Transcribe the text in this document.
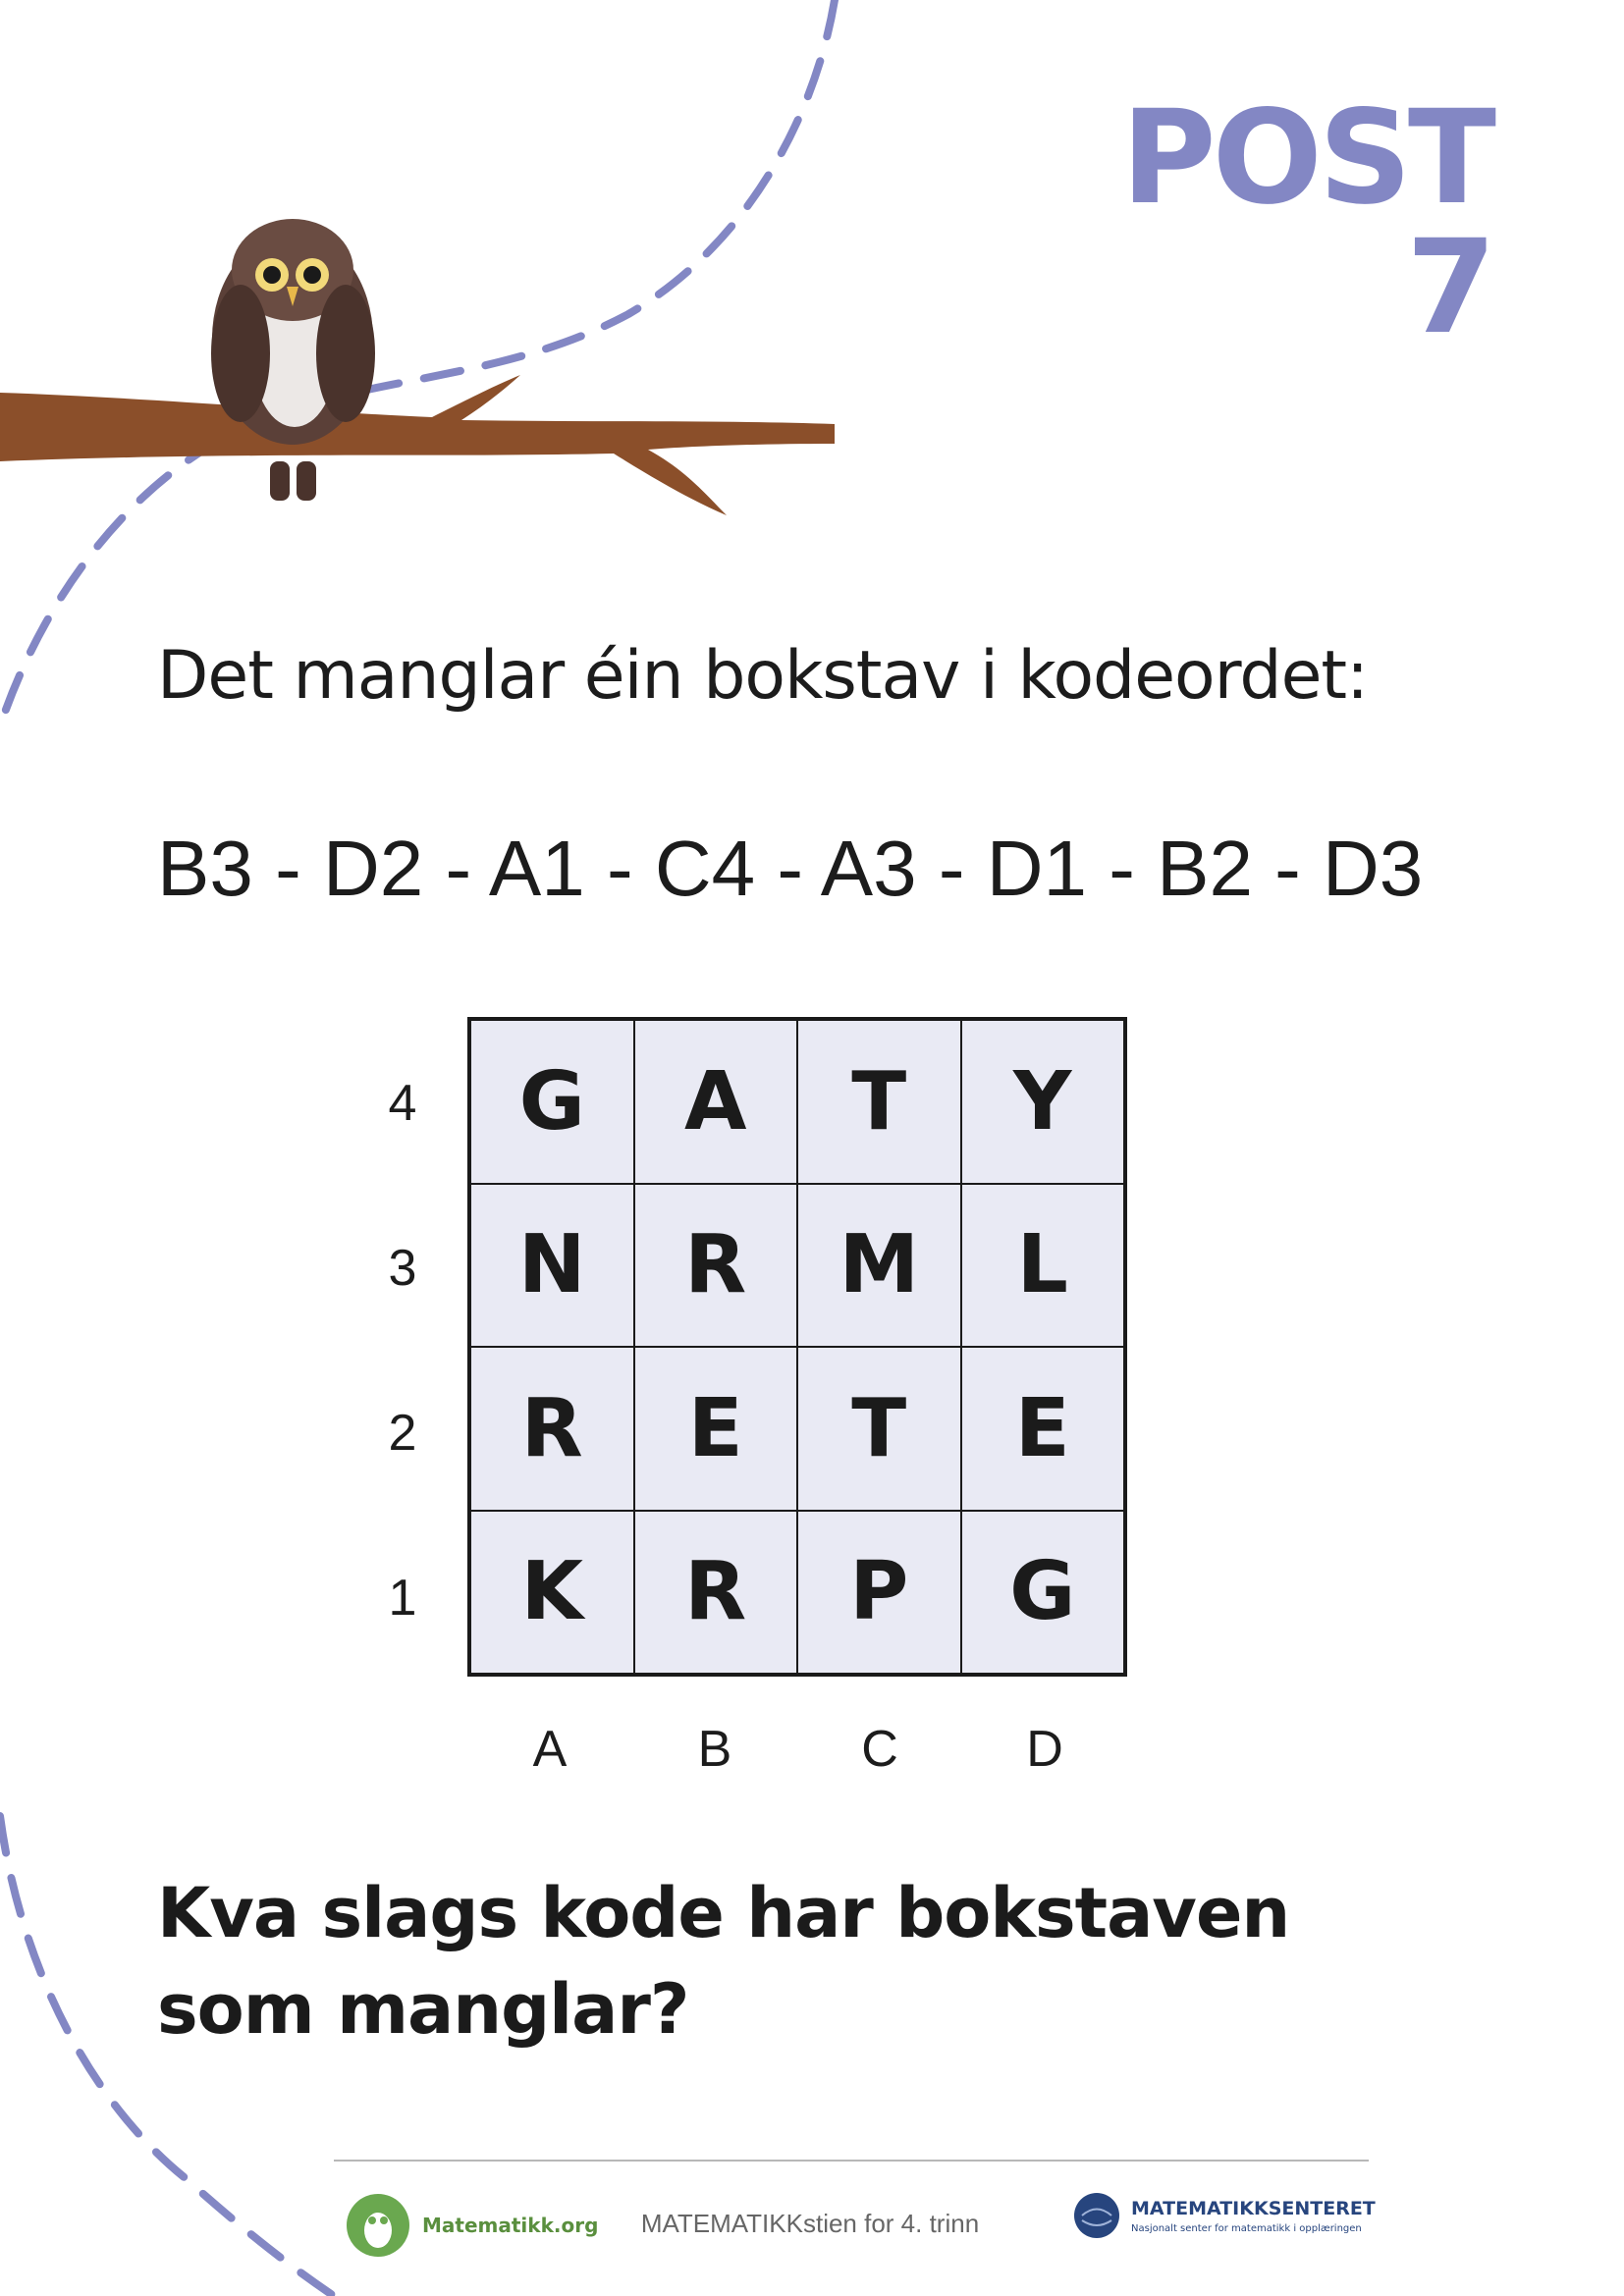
POST 7
Det manglar éin bokstav i kodeordet:
B3 - D2 - A1 - C4 - A3 - D1 - B2 - D3
4
3
2
1
G	A	T	Y
N	R	M	L
R	E	T	E
K	R	P	G
A	B	C	D
Kva slags kode har bokstaven som manglar?
Matematikk.org	MATEMATIKKstien for 4. trinn
MATEMATIKKSENTERET
Nasjonalt senter for matematikk i opplæringen
